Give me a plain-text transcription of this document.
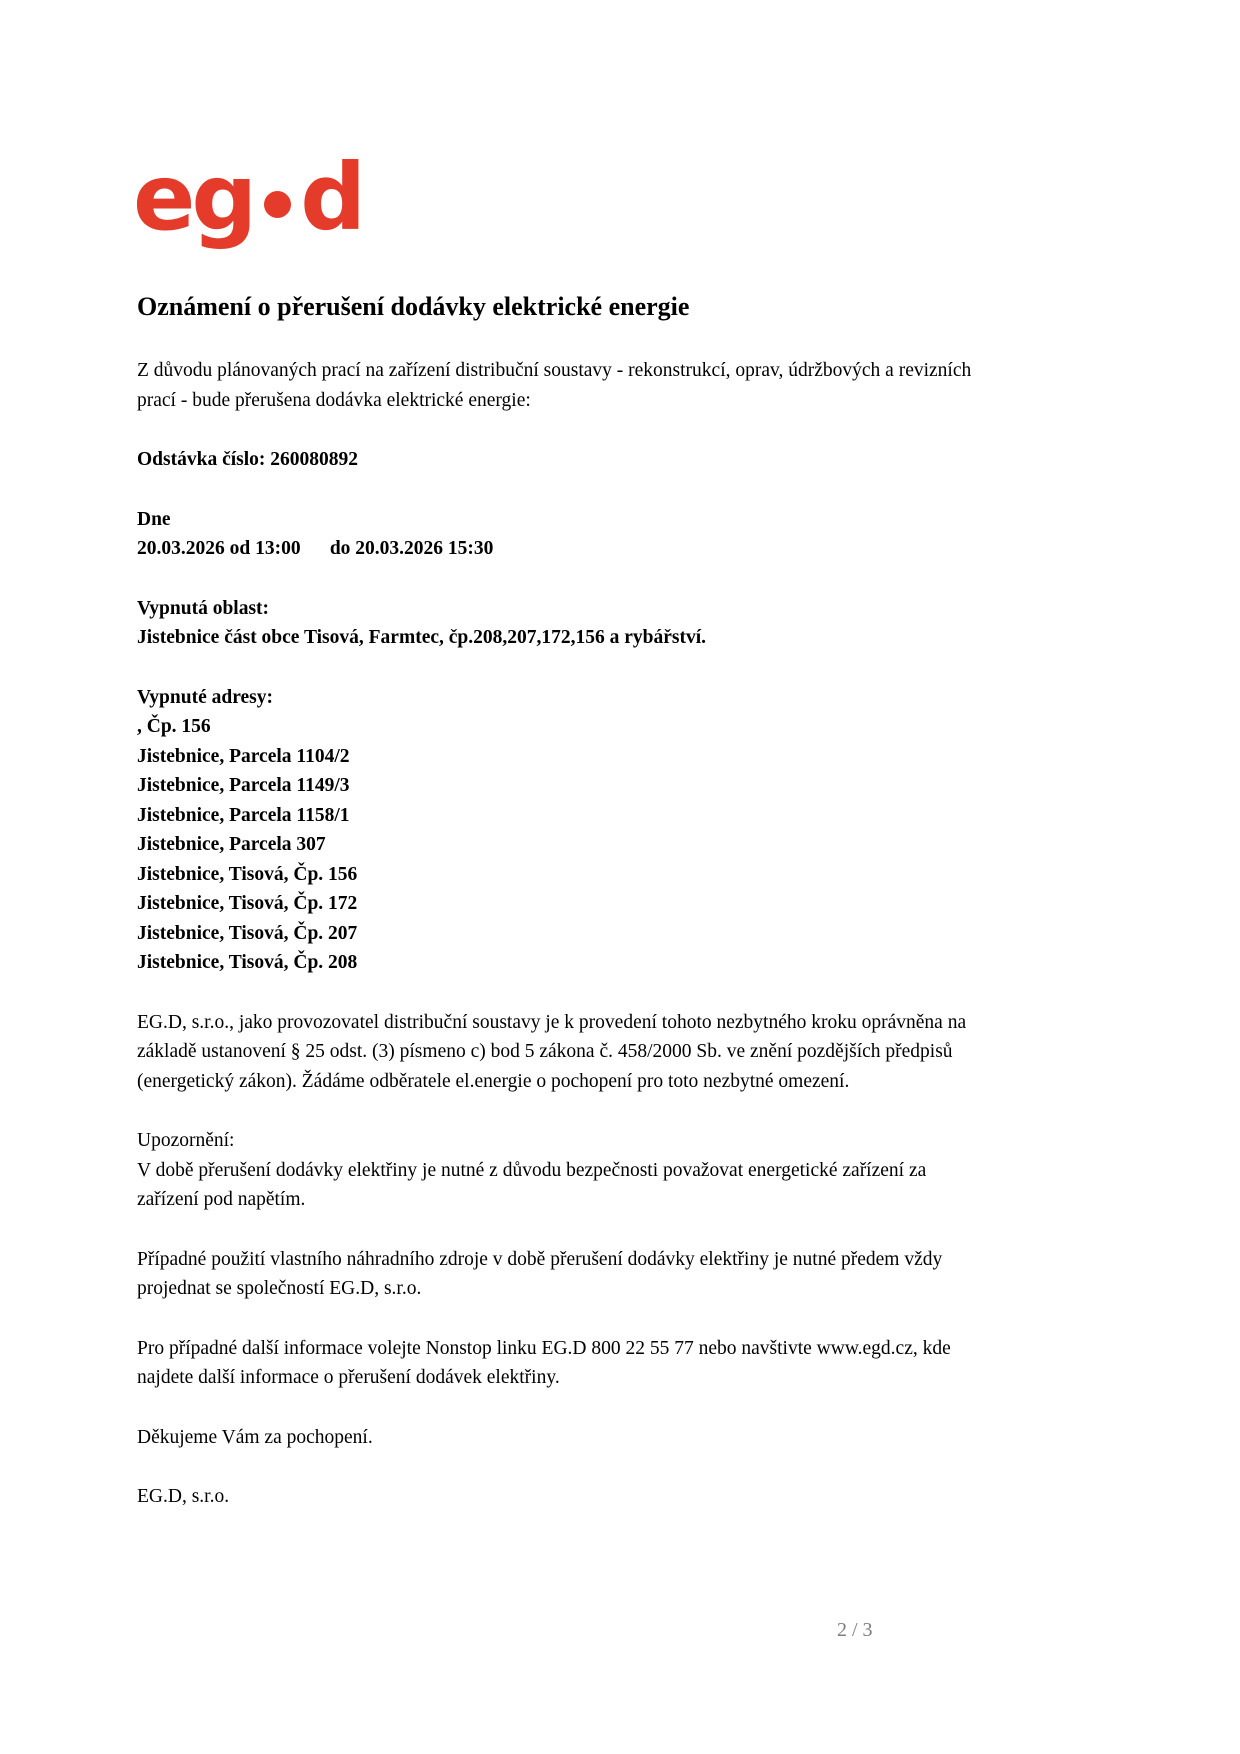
eg d
Oznámení o přerušení dodávky elektrické energie

Z důvodu plánovaných prací na zařízení distribuční soustavy - rekonstrukcí, oprav, údržbových a revizních prací - bude přerušena dodávka elektrické energie:

Odstávka číslo: 260080892

Dne
20.03.2026 od 13:00      do 20.03.2026 15:30
Vypnutá oblast:
Jistebnice část obce Tisová, Farmtec, čp.208,207,172,156 a rybářství.
Vypnuté adresy:
, Čp. 156
Jistebnice, Parcela 1104/2
Jistebnice, Parcela 1149/3
Jistebnice, Parcela 1158/1
Jistebnice, Parcela 307
Jistebnice, Tisová, Čp. 156
Jistebnice, Tisová, Čp. 172
Jistebnice, Tisová, Čp. 207
Jistebnice, Tisová, Čp. 208

EG.D, s.r.o., jako provozovatel distribuční soustavy je k provedení tohoto nezbytného kroku oprávněna na základě ustanovení § 25 odst. (3) písmeno c) bod 5 zákona č. 458/2000 Sb. ve znění pozdějších předpisů (energetický zákon). Žádáme odběratele el.energie o pochopení pro toto nezbytné omezení.

Upozornění:
V době přerušení dodávky elektřiny je nutné z důvodu bezpečnosti považovat energetické zařízení za zařízení pod napětím.

Případné použití vlastního náhradního zdroje v době přerušení dodávky elektřiny je nutné předem vždy projednat se společností EG.D, s.r.o.

Pro případné další informace volejte Nonstop linku EG.D 800 22 55 77 nebo navštivte www.egd.cz, kde najdete další informace o přerušení dodávek elektřiny.

Děkujeme Vám za pochopení.

EG.D, s.r.o.

2 / 3
